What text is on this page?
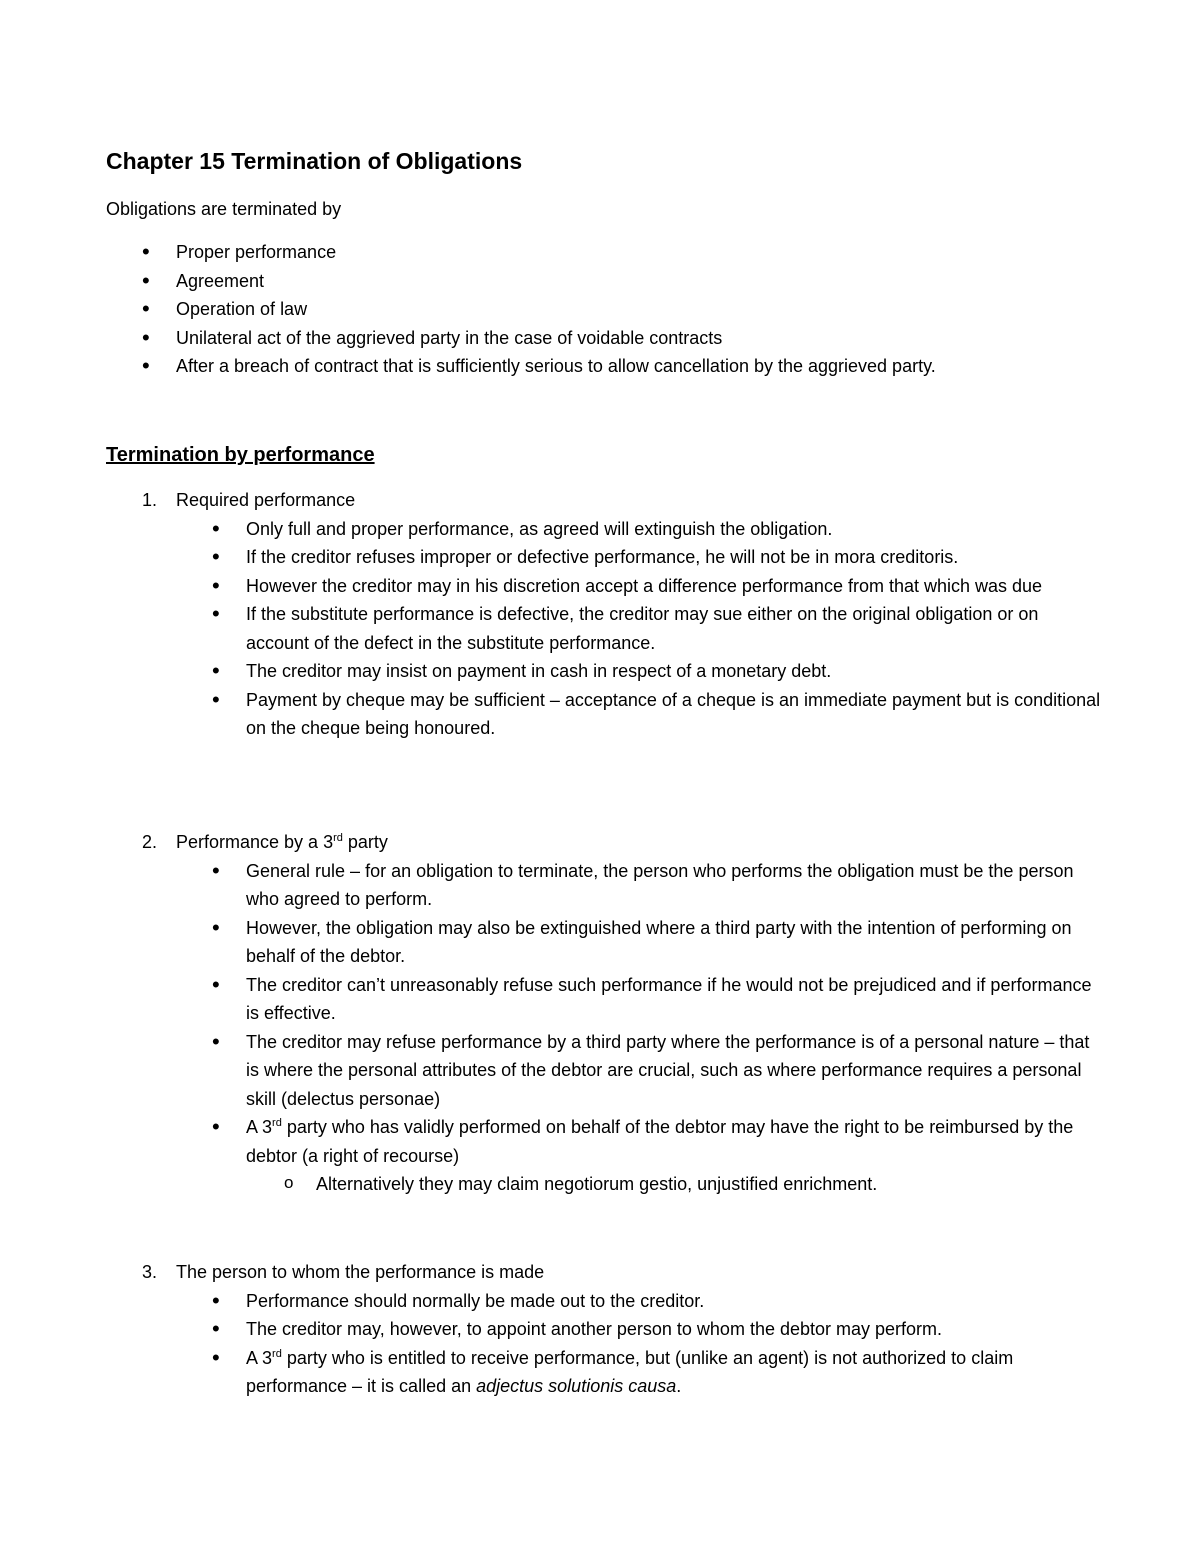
Chapter 15 Termination of Obligations
Obligations are terminated by
• Proper performance
• Agreement
• Operation of law
• Unilateral act of the aggrieved party in the case of voidable contracts
• After a breach of contract that is sufficiently serious to allow cancellation by the aggrieved party.
Termination by performance
1. Required performance
• Only full and proper performance, as agreed will extinguish the obligation.
• If the creditor refuses improper or defective performance, he will not be in mora creditoris.
• However the creditor may in his discretion accept a difference performance from that which was due
• If the substitute performance is defective, the creditor may sue either on the original obligation or on account of the defect in the substitute performance.
• The creditor may insist on payment in cash in respect of a monetary debt.
• Payment by cheque may be sufficient – acceptance of a cheque is an immediate payment but is conditional on the cheque being honoured.
2. Performance by a 3rd party
• General rule – for an obligation to terminate, the person who performs the obligation must be the person who agreed to perform.
• However, the obligation may also be extinguished where a third party with the intention of performing on behalf of the debtor.
• The creditor can’t unreasonably refuse such performance if he would not be prejudiced and if performance is effective.
• The creditor may refuse performance by a third party where the performance is of a personal nature – that is where the personal attributes of the debtor are crucial, such as where performance requires a personal skill (delectus personae)
• A 3rd party who has validly performed on behalf of the debtor may have the right to be reimbursed by the debtor (a right of recourse)
o Alternatively they may claim negotiorum gestio, unjustified enrichment.
3. The person to whom the performance is made
• Performance should normally be made out to the creditor.
• The creditor may, however, to appoint another person to whom the debtor may perform.
• A 3rd party who is entitled to receive performance, but (unlike an agent) is not authorized to claim performance – it is called an adjectus solutionis causa.
